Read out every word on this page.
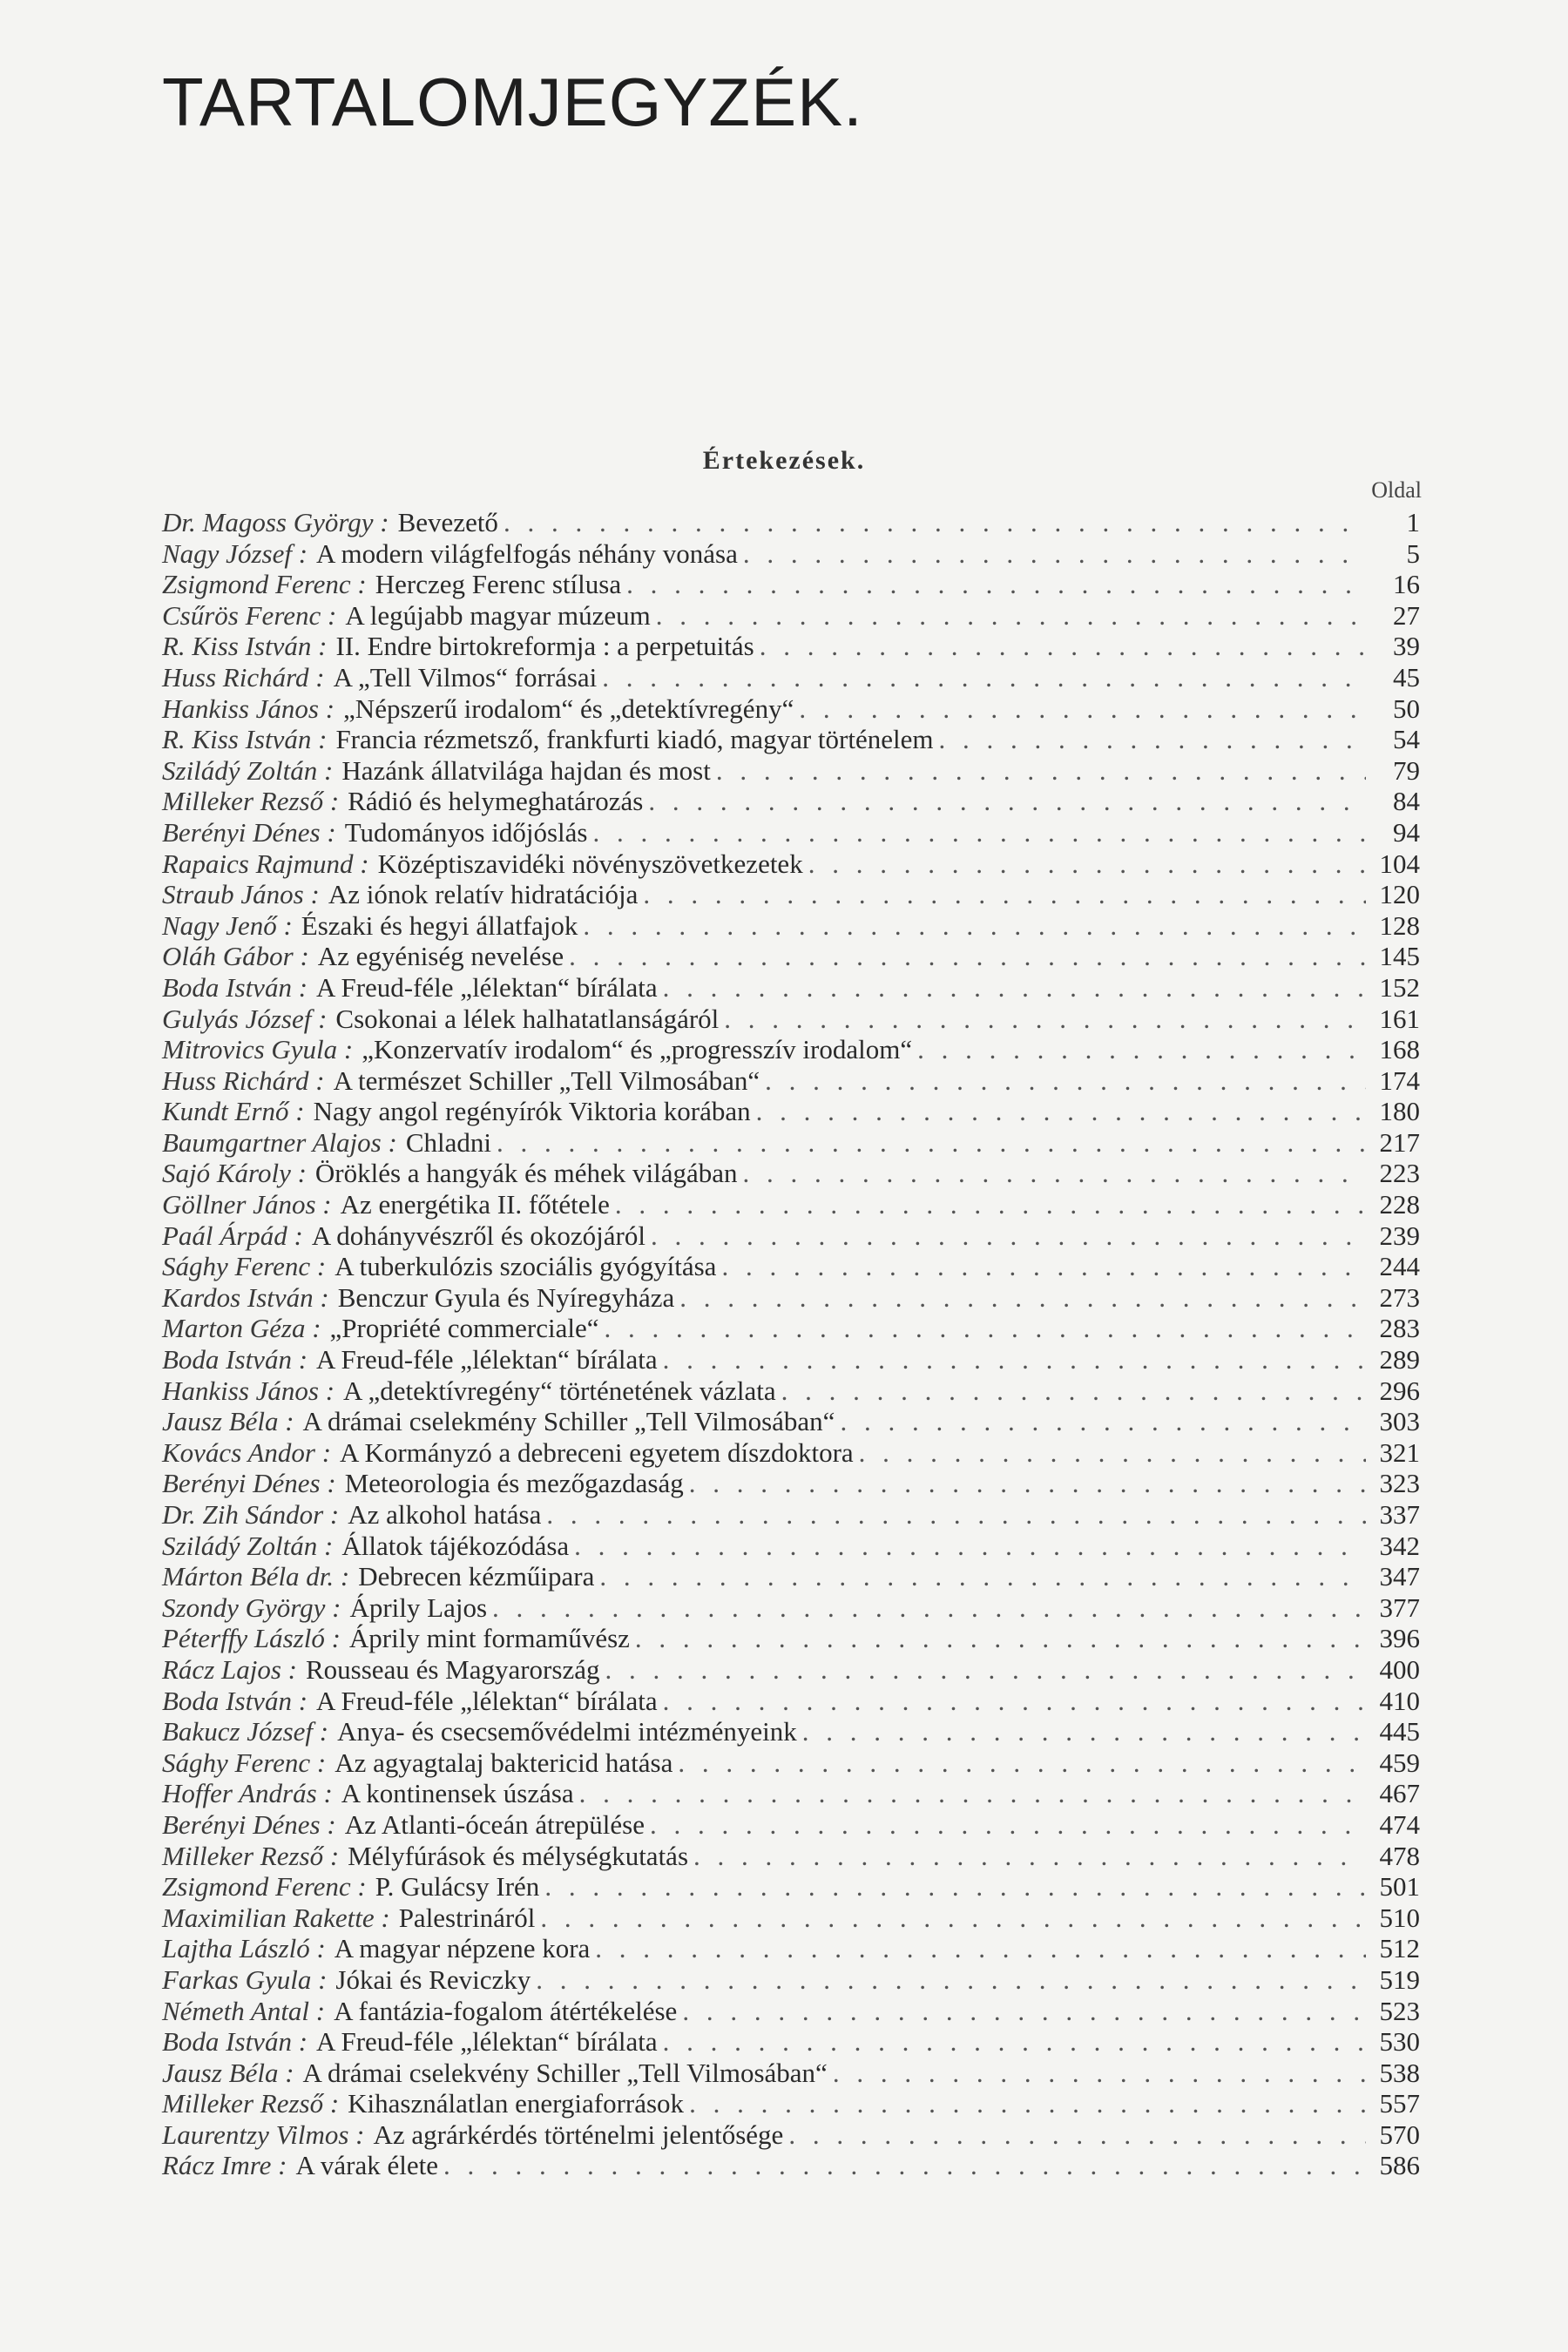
TARTALOMJEGYZÉK.
Értekezések.
Oldal
Dr. Magoss György : Bevezető . . .	1
Nagy József : A modern világfelfogás néhány vonása . . .	5
Zsigmond Ferenc : Herczeg Ferenc stílusa . . .	16
Csűrös Ferenc : A legújabb magyar múzeum . . .	27
R. Kiss István : II. Endre birtokreformja : a perpetuitás . . .	39
Huss Richárd : A „Tell Vilmos“ forrásai . . .	45
Hankiss János : „Népszerű irodalom“ és „detektívregény“ . . .	50
R. Kiss István : Francia rézmetsző, frankfurti kiadó, magyar történelem . . .	54
Sziládý Zoltán : Hazánk állatvilága hajdan és most . . .	79
Milleker Rezső : Rádió és helymeghatározás . . .	84
Berényi Dénes : Tudományos időjóslás . . .	94
Rapaics Rajmund : Középtiszavidéki növényszövetkezetek . . .	104
Straub János : Az iónok relatív hidratációja . . .	120
Nagy Jenő : Északi és hegyi állatfajok . . .	128
Oláh Gábor : Az egyéniség nevelése . . .	145
Boda István : A Freud-féle „lélektan“ bírálata . . .	152
Gulyás József : Csokonai a lélek halhatatlanságáról . . .	161
Mitrovics Gyula : „Konzervatív irodalom“ és „progresszív irodalom“ . . .	168
Huss Richárd : A természet Schiller „Tell Vilmosában“ . . .	174
Kundt Ernő : Nagy angol regényírók Viktoria korában . . .	180
Baumgartner Alajos : Chladni . . .	217
Sajó Károly : Öröklés a hangyák és méhek világában . . .	223
Göllner János : Az energétika II. főtétele . . .	228
Paál Árpád : A dohányvészről és okozójáról . . .	239
Sághy Ferenc : A tuberkulózis szociális gyógyítása . . .	244
Kardos István : Benczur Gyula és Nyíregyháza . . .	273
Marton Géza : „Propriété commerciale“ . . .	283
Boda István : A Freud-féle „lélektan“ bírálata . . .	289
Hankiss János : A „detektívregény“ történetének vázlata . . .	296
Jausz Béla : A drámai cselekmény Schiller „Tell Vilmosában“ . . .	303
Kovács Andor : A Kormányzó a debreceni egyetem díszdoktora . . .	321
Berényi Dénes : Meteorologia és mezőgazdaság . . .	323
Dr. Zih Sándor : Az alkohol hatása . . .	337
Sziládý Zoltán : Állatok tájékozódása . . .	342
Márton Béla dr. : Debrecen kézműipara . . .	347
Szondy György : Áprily Lajos . . .	377
Péterffy László : Áprily mint formaművész . . .	396
Rácz Lajos : Rousseau és Magyarország . . .	400
Boda István : A Freud-féle „lélektan“ bírálata . . .	410
Bakucz József : Anya- és csecsemővédelmi intézményeink . . .	445
Sághy Ferenc : Az agyagtalaj baktericid hatása . . .	459
Hoffer András : A kontinensek úszása . . .	467
Berényi Dénes : Az Atlanti-óceán átrepülése . . .	474
Milleker Rezső : Mélyfúrások és mélységkutatás . . .	478
Zsigmond Ferenc : P. Gulácsy Irén . . .	501
Maximilian Rakette : Palestrináról . . .	510
Lajtha László : A magyar népzene kora . . .	512
Farkas Gyula : Jókai és Reviczky . . .	519
Németh Antal : A fantázia-fogalom átértékelése . . .	523
Boda István : A Freud-féle „lélektan“ bírálata . . .	530
Jausz Béla : A drámai cselekvény Schiller „Tell Vilmosában“ . . .	538
Milleker Rezső : Kihasználatlan energiaforrások . . .	557
Laurentzy Vilmos : Az agrárkérdés történelmi jelentősége . . .	570
Rácz Imre : A várak élete . . .	586
